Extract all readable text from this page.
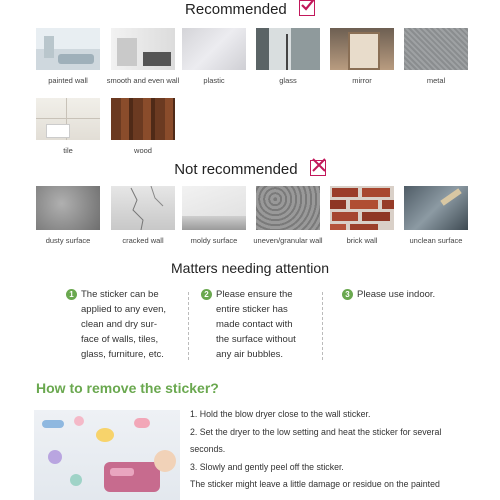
Recommended
painted wall	smooth and even wall	plastic	glass	mirror	metal
tile	wood
Not recommended
dusty surface	cracked wall	moldy surface	uneven/granular wall	brick wall	unclean surface
Matters needing attention
1 The sticker can be
applied to any even,
clean and dry sur-
face of walls, tiles,
glass, furniture, etc.
2 Please ensure the
entire sticker has
made contact with
the surface without
any air bubbles.
3 Please use indoor.
How to remove the sticker?
1. Hold the blow dryer close to the wall sticker.
2. Set the dryer to the low setting and heat the sticker for several
seconds.
3. Slowly and gently peel off the sticker.
The sticker might leave a little damage or residue on the painted
